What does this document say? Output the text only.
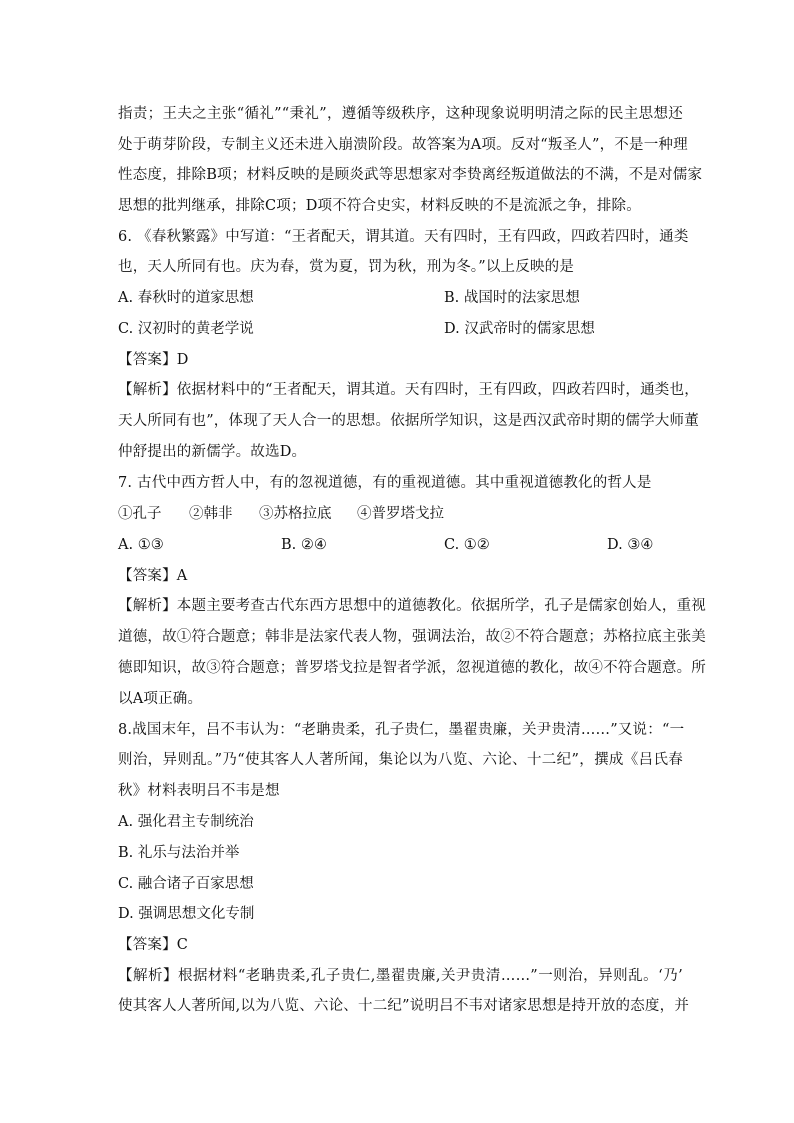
指责；王夫之主张“循礼”“秉礼”，遵循等级秩序，这种现象说明明清之际的民主思想还
处于萌芽阶段，专制主义还未进入崩溃阶段。故答案为A项。反对“叛圣人”，不是一种理
性态度，排除B项；材料反映的是顾炎武等思想家对李贽离经叛道做法的不满，不是对儒家
思想的批判继承，排除C项；D项不符合史实，材料反映的不是流派之争，排除。
6. 《春秋繁露》中写道：“王者配天，谓其道。天有四时，王有四政，四政若四时，通类
也，天人所同有也。庆为春，赏为夏，罚为秋，刑为冬。”以上反映的是
A. 春秋时的道家思想	B. 战国时的法家思想
C. 汉初时的黄老学说	D. 汉武帝时的儒家思想
【答案】D
【解析】依据材料中的“王者配天，谓其道。天有四时，王有四政，四政若四时，通类也，
天人所同有也”，体现了天人合一的思想。依据所学知识，这是西汉武帝时期的儒学大师董
仲舒提出的新儒学。故选D。
7. 古代中西方哲人中，有的忽视道德，有的重视道德。其中重视道德教化的哲人是
①孔子 ②韩非 ③苏格拉底 ④普罗塔戈拉
A. ①③	B. ②④	C. ①②	D. ③④
【答案】A
【解析】本题主要考查古代东西方思想中的道德教化。依据所学，孔子是儒家创始人，重视
道德，故①符合题意；韩非是法家代表人物，强调法治，故②不符合题意；苏格拉底主张美
德即知识，故③符合题意；普罗塔戈拉是智者学派，忽视道德的教化，故④不符合题意。所
以A项正确。
8.战国末年，吕不韦认为：“老聃贵柔，孔子贵仁，墨翟贵廉，关尹贵清……”又说：“一
则治，异则乱。”乃“使其客人人著所闻，集论以为八览、六论、十二纪”，撰成《吕氏春
秋》材料表明吕不韦是想
A. 强化君主专制统治
B. 礼乐与法治并举
C. 融合诸子百家思想
D. 强调思想文化专制
【答案】C
【解析】根据材料“老聃贵柔,孔子贵仁,墨翟贵廉,关尹贵清……”一则治，异则乱。‘乃’
使其客人人著所闻,以为八览、六论、十二纪”说明吕不韦对诸家思想是持开放的态度，并
